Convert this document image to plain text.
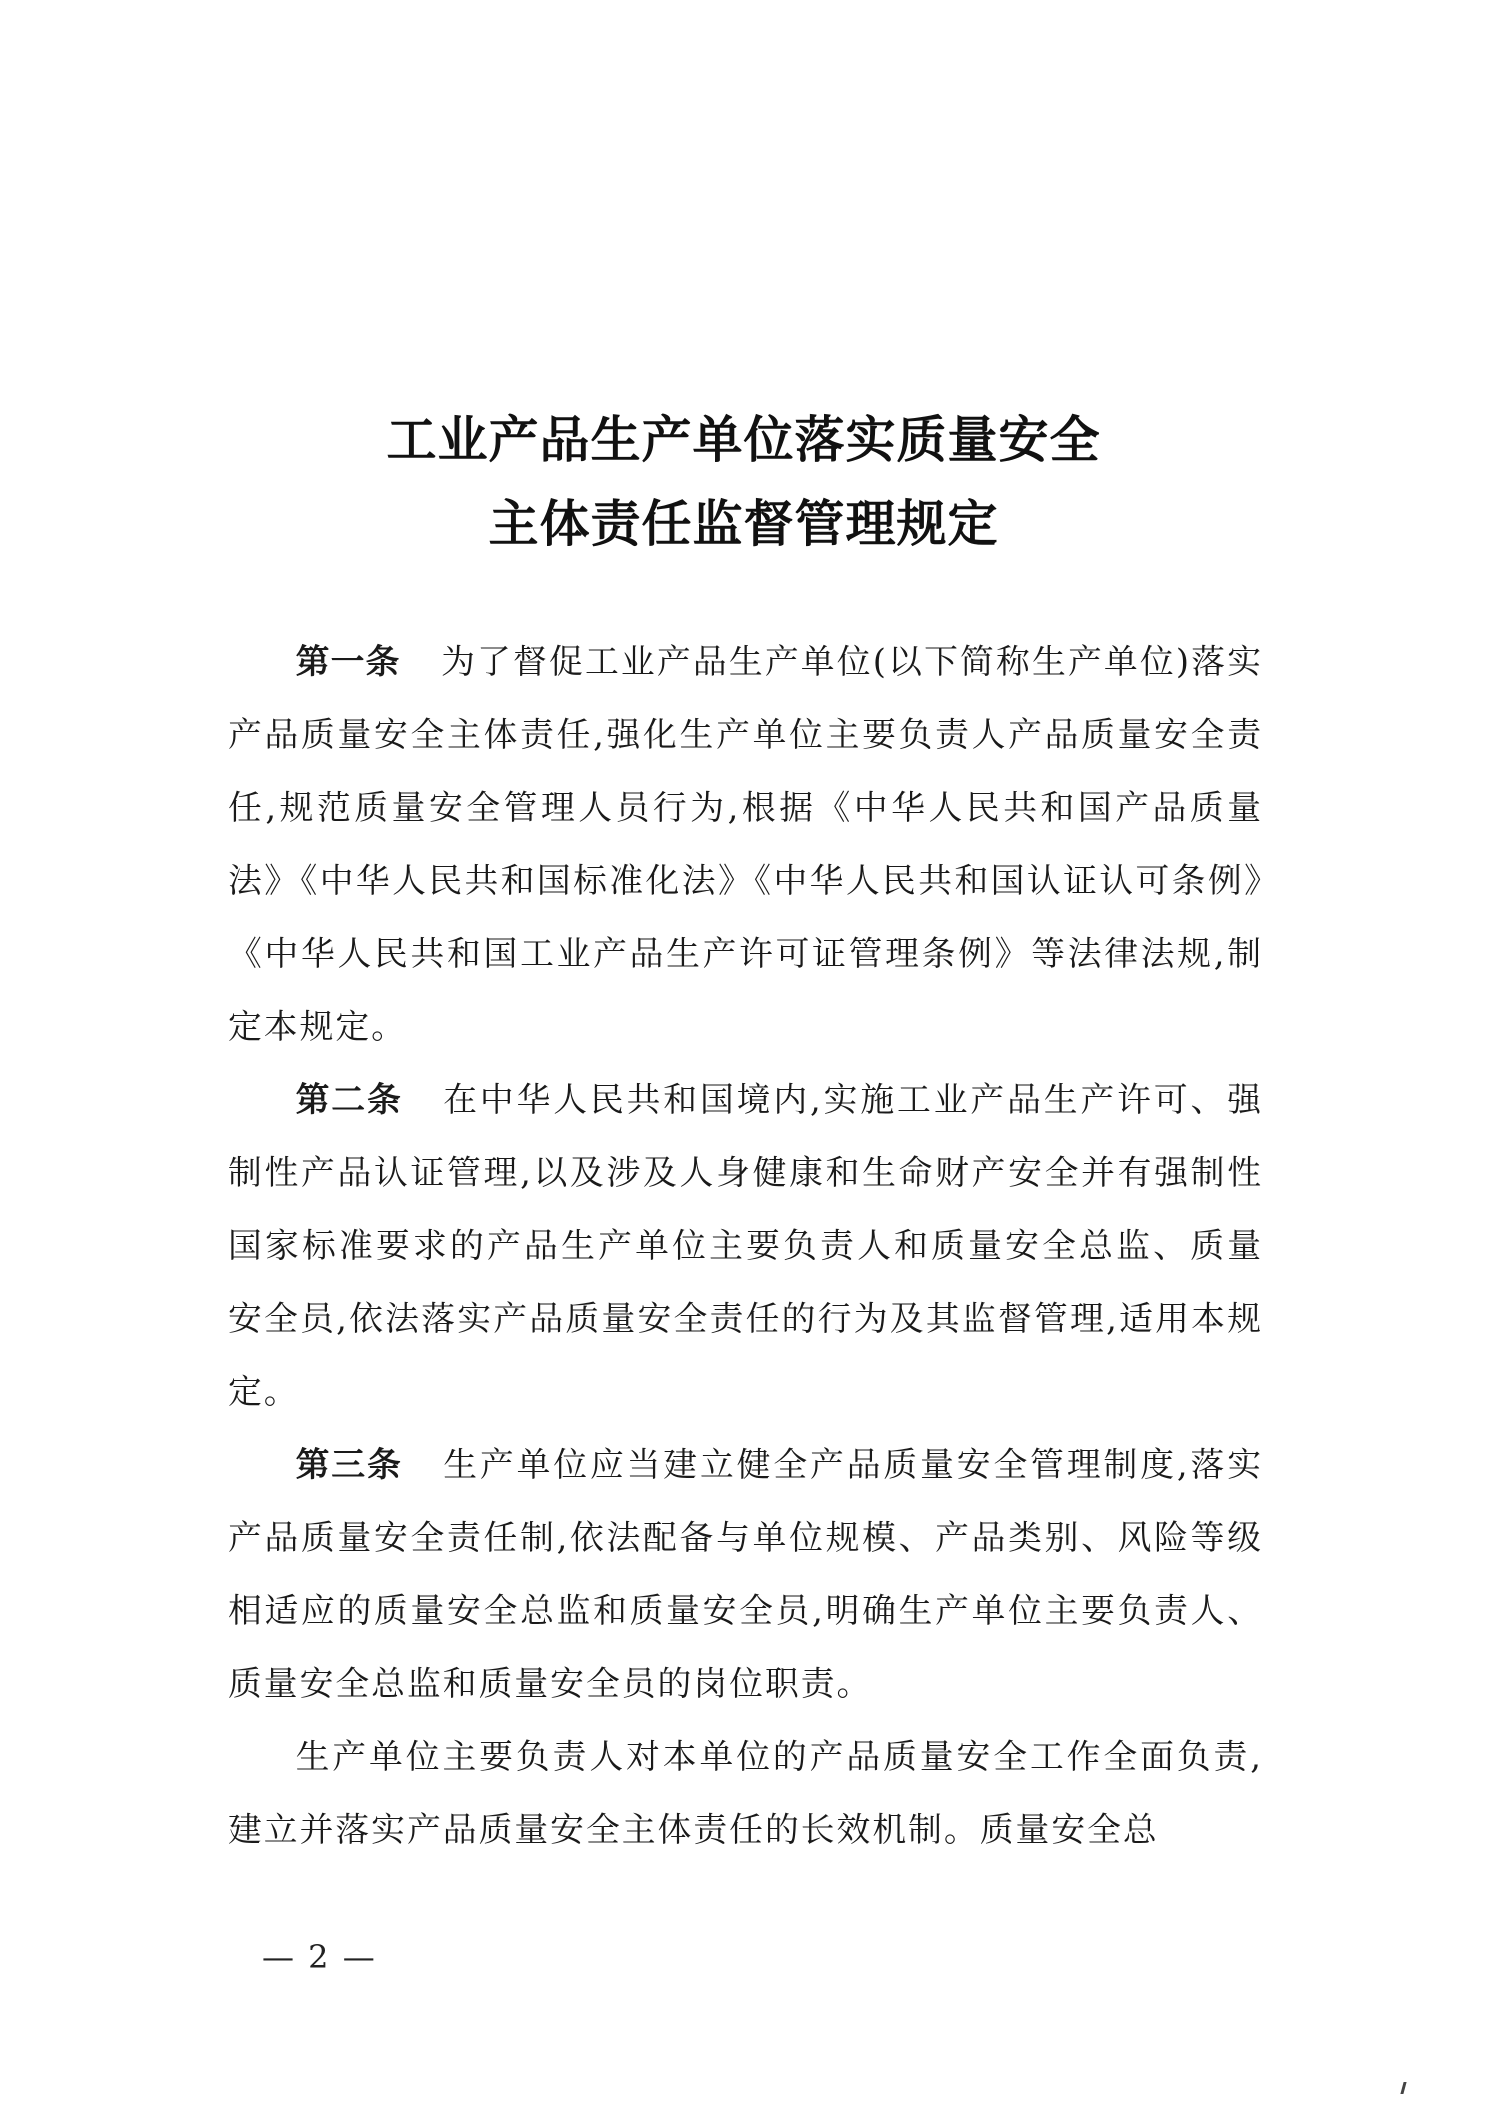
工业产品生产单位落实质量安全
主体责任监督管理规定

第一条 为了督促工业产品生产单位(以下简称生产单位)落实产品质量安全主体责任,强化生产单位主要负责人产品质量安全责任,规范质量安全管理人员行为,根据《中华人民共和国产品质量法》《中华人民共和国标准化法》《中华人民共和国认证认可条例》《中华人民共和国工业产品生产许可证管理条例》等法律法规,制定本规定。

第二条 在中华人民共和国境内,实施工业产品生产许可、强制性产品认证管理,以及涉及人身健康和生命财产安全并有强制性国家标准要求的产品生产单位主要负责人和质量安全总监、质量安全员,依法落实产品质量安全责任的行为及其监督管理,适用本规定。

第三条 生产单位应当建立健全产品质量安全管理制度,落实产品质量安全责任制,依法配备与单位规模、产品类别、风险等级相适应的质量安全总监和质量安全员,明确生产单位主要负责人、质量安全总监和质量安全员的岗位职责。

生产单位主要负责人对本单位的产品质量安全工作全面负责,建立并落实产品质量安全主体责任的长效机制。质量安全总

— 2 —
